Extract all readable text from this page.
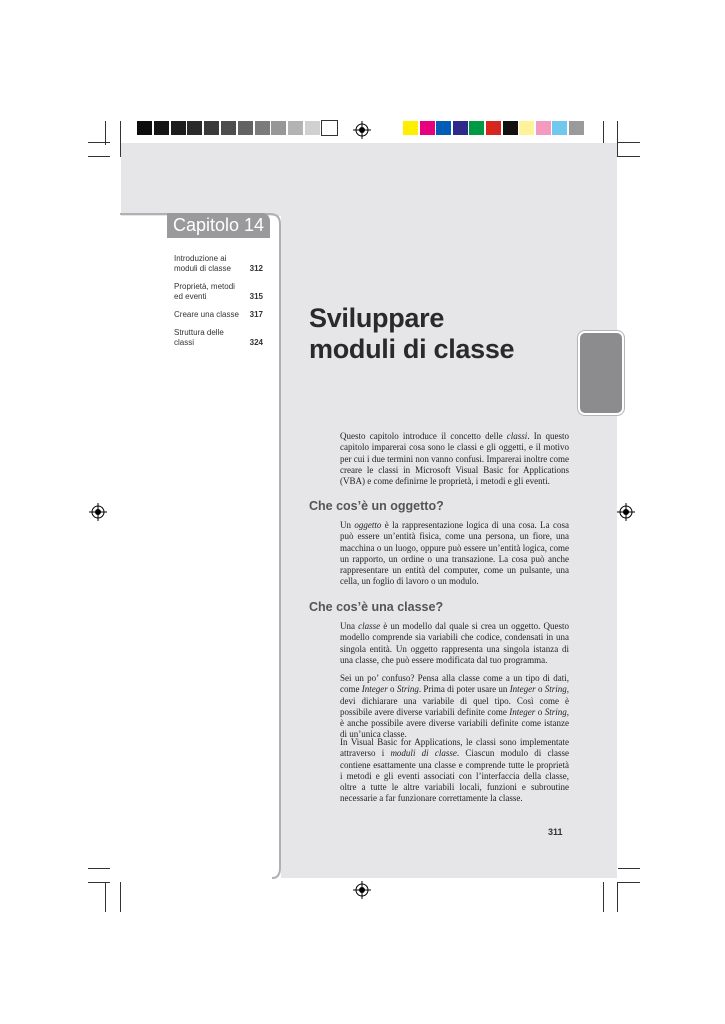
Capitolo 14
Introduzione ai moduli di classe	312
Proprietà, metodi ed eventi	315
Creare una classe	317
Struttura delle classi	324
Sviluppare
moduli di classe

Questo capitolo introduce il concetto delle classi. In questo capitolo imparerai cosa sono le classi e gli oggetti, e il motivo per cui i due termini non vanno confusi. Imparerai inoltre come creare le classi in Microsoft Visual Basic for Applications (VBA) e come definirne le proprietà, i metodi e gli eventi.

Che cos’è un oggetto?

Un oggetto è la rappresentazione logica di una cosa. La cosa può essere un’entità fisica, come una persona, un fiore, una macchina o un luogo, oppure può essere un’entità logica, come un rapporto, un ordine o una transazione. La cosa può anche rappresentare un entità del computer, come un pulsante, una cella, un foglio di lavoro o un modulo.

Che cos’è una classe?

Una classe è un modello dal quale si crea un oggetto. Questo modello comprende sia variabili che codice, condensati in una singola entità. Un oggetto rappresenta una singola istanza di una classe, che può essere modificata dal tuo programma.

Sei un po’ confuso? Pensa alla classe come a un tipo di dati, come Integer o String. Prima di poter usare un Integer o String, devi dichiarare una variabile di quel tipo. Così come è possibile avere diverse variabili definite come Integer o String, è anche possibile avere diverse variabili definite come istanze di un’unica classe.

In Visual Basic for Applications, le classi sono implementate attraverso i moduli di classe. Ciascun modulo di classe contiene esattamente una classe e comprende tutte le proprietà i metodi e gli eventi associati con l’interfaccia della classe, oltre a tutte le altre variabili locali, funzioni e subroutine necessarie a far funzionare correttamente la classe.

311
